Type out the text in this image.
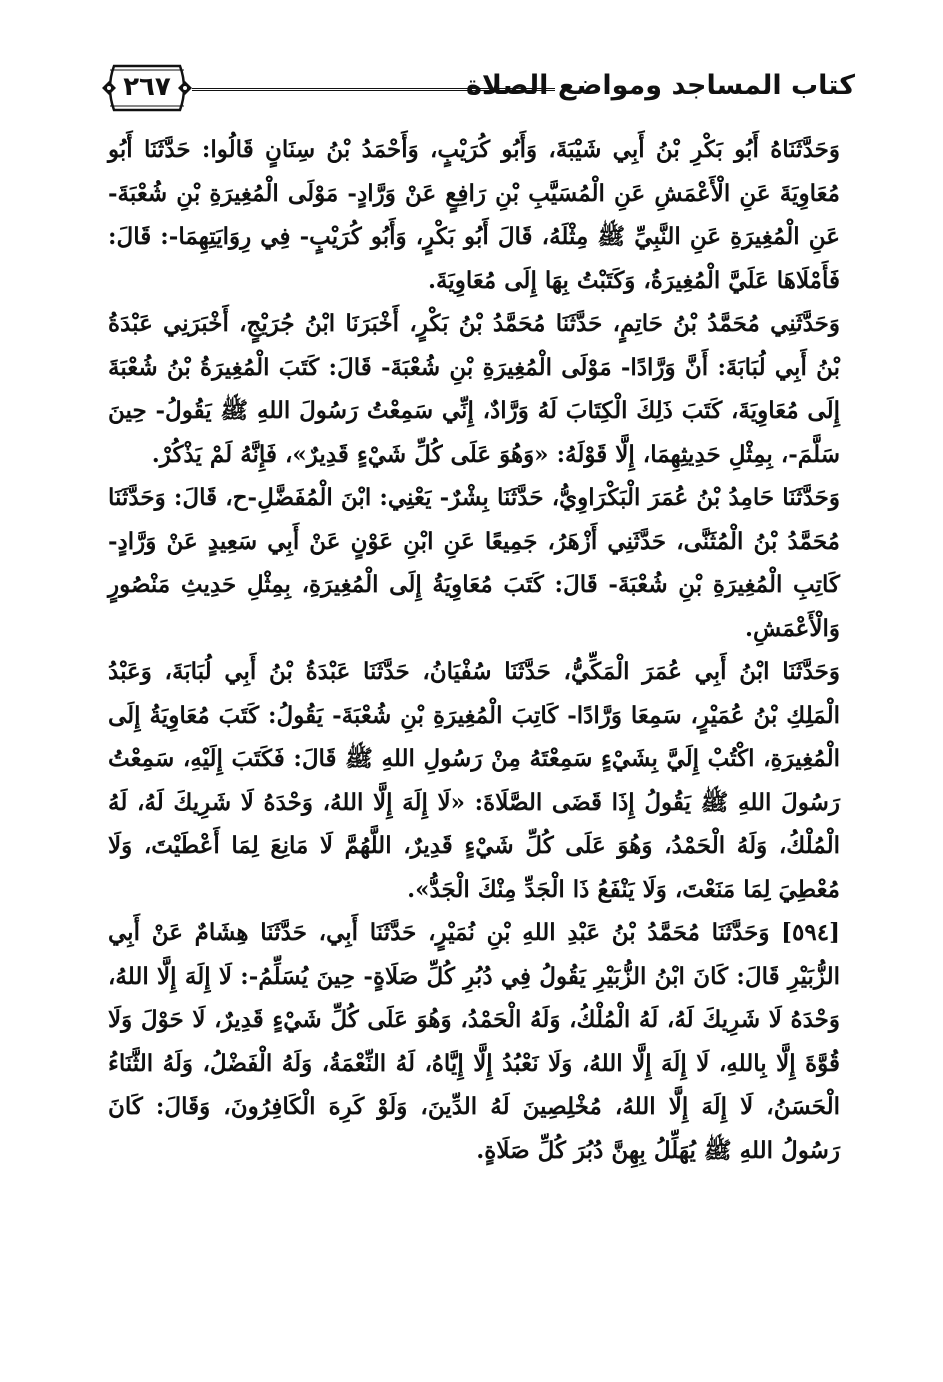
كتاب المساجد ومواضع الصلاة
٢٦٧

وَحَدَّثَنَاهُ أَبُو بَكْرِ بْنُ أَبِي شَيْبَةَ، وَأَبُو كُرَيْبٍ، وَأَحْمَدُ بْنُ سِنَانٍ قَالُوا: حَدَّثَنَا أَبُو مُعَاوِيَةَ عَنِ الْأَعْمَشِ عَنِ الْمُسَيَّبِ بْنِ رَافِعٍ عَنْ وَرَّادٍ- مَوْلَى الْمُغِيرَةِ بْنِ شُعْبَةَ- عَنِ الْمُغِيرَةِ عَنِ النَّبِيِّ ﷺ مِثْلَهُ، قَالَ أَبُو بَكْرٍ، وَأَبُو كُرَيْبٍ- فِي رِوَايَتِهِمَا-: قَالَ: فَأَمْلَاهَا عَلَيَّ الْمُغِيرَةُ، وَكَتَبْتُ بِهَا إِلَى مُعَاوِيَةَ.

وَحَدَّثَنِي مُحَمَّدُ بْنُ حَاتِمٍ، حَدَّثَنَا مُحَمَّدُ بْنُ بَكْرٍ، أَخْبَرَنَا ابْنُ جُرَيْجٍ، أَخْبَرَنِي عَبْدَةُ بْنُ أَبِي لُبَابَةَ: أَنَّ وَرَّادًا- مَوْلَى الْمُغِيرَةِ بْنِ شُعْبَةَ- قَالَ: كَتَبَ الْمُغِيرَةُ بْنُ شُعْبَةَ إِلَى مُعَاوِيَةَ، كَتَبَ ذَلِكَ الْكِتَابَ لَهُ وَرَّادٌ، إِنِّي سَمِعْتُ رَسُولَ اللهِ ﷺ يَقُولُ- حِينَ سَلَّمَ-، بِمِثْلِ حَدِيثِهِمَا، إِلَّا قَوْلَهُ: «وَهُوَ عَلَى كُلِّ شَيْءٍ قَدِيرٌ»، فَإِنَّهُ لَمْ يَذْكُرْ.

وَحَدَّثَنَا حَامِدُ بْنُ عُمَرَ الْبَكْرَاوِيُّ، حَدَّثَنَا بِشْرٌ- يَعْنِي: ابْنَ الْمُفَضَّلِ-ح، قَالَ: وَحَدَّثَنَا مُحَمَّدُ بْنُ الْمُثَنَّى، حَدَّثَنِي أَزْهَرُ، جَمِيعًا عَنِ ابْنِ عَوْنٍ عَنْ أَبِي سَعِيدٍ عَنْ وَرَّادٍ- كَاتِبِ الْمُغِيرَةِ بْنِ شُعْبَةَ- قَالَ: كَتَبَ مُعَاوِيَةُ إِلَى الْمُغِيرَةِ، بِمِثْلِ حَدِيثِ مَنْصُورٍ وَالْأَعْمَشِ.

وَحَدَّثَنَا ابْنُ أَبِي عُمَرَ الْمَكِّيُّ، حَدَّثَنَا سُفْيَانُ، حَدَّثَنَا عَبْدَةُ بْنُ أَبِي لُبَابَةَ، وَعَبْدُ الْمَلِكِ بْنُ عُمَيْرٍ، سَمِعَا وَرَّادًا- كَاتِبَ الْمُغِيرَةِ بْنِ شُعْبَةَ- يَقُولُ: كَتَبَ مُعَاوِيَةُ إِلَى الْمُغِيرَةِ، اكْتُبْ إِلَيَّ بِشَيْءٍ سَمِعْتَهُ مِنْ رَسُولِ اللهِ ﷺ قَالَ: فَكَتَبَ إِلَيْهِ، سَمِعْتُ رَسُولَ اللهِ ﷺ يَقُولُ إِذَا قَضَى الصَّلَاةَ: «لَا إِلَهَ إِلَّا اللهُ، وَحْدَهُ لَا شَرِيكَ لَهُ، لَهُ الْمُلْكُ، وَلَهُ الْحَمْدُ، وَهُوَ عَلَى كُلِّ شَيْءٍ قَدِيرٌ، اللَّهُمَّ لَا مَانِعَ لِمَا أَعْطَيْتَ، وَلَا مُعْطِيَ لِمَا مَنَعْتَ، وَلَا يَنْفَعُ ذَا الْجَدِّ مِنْكَ الْجَدُّ».

[٥٩٤] وَحَدَّثَنَا مُحَمَّدُ بْنُ عَبْدِ اللهِ بْنِ نُمَيْرٍ، حَدَّثَنَا أَبِي، حَدَّثَنَا هِشَامٌ عَنْ أَبِي الزُّبَيْرِ قَالَ: كَانَ ابْنُ الزُّبَيْرِ يَقُولُ فِي دُبُرِ كُلِّ صَلَاةٍ- حِينَ يُسَلِّمُ-: لَا إِلَهَ إِلَّا اللهُ، وَحْدَهُ لَا شَرِيكَ لَهُ، لَهُ الْمُلْكُ، وَلَهُ الْحَمْدُ، وَهُوَ عَلَى كُلِّ شَيْءٍ قَدِيرٌ، لَا حَوْلَ وَلَا قُوَّةَ إِلَّا بِاللهِ، لَا إِلَهَ إِلَّا اللهُ، وَلَا نَعْبُدُ إِلَّا إِيَّاهُ، لَهُ النِّعْمَةُ، وَلَهُ الْفَضْلُ، وَلَهُ الثَّنَاءُ الْحَسَنُ، لَا إِلَهَ إِلَّا اللهُ، مُخْلِصِينَ لَهُ الدِّينَ، وَلَوْ كَرِهَ الْكَافِرُونَ، وَقَالَ: كَانَ رَسُولُ اللهِ ﷺ يُهَلِّلُ بِهِنَّ دُبُرَ كُلِّ صَلَاةٍ.
